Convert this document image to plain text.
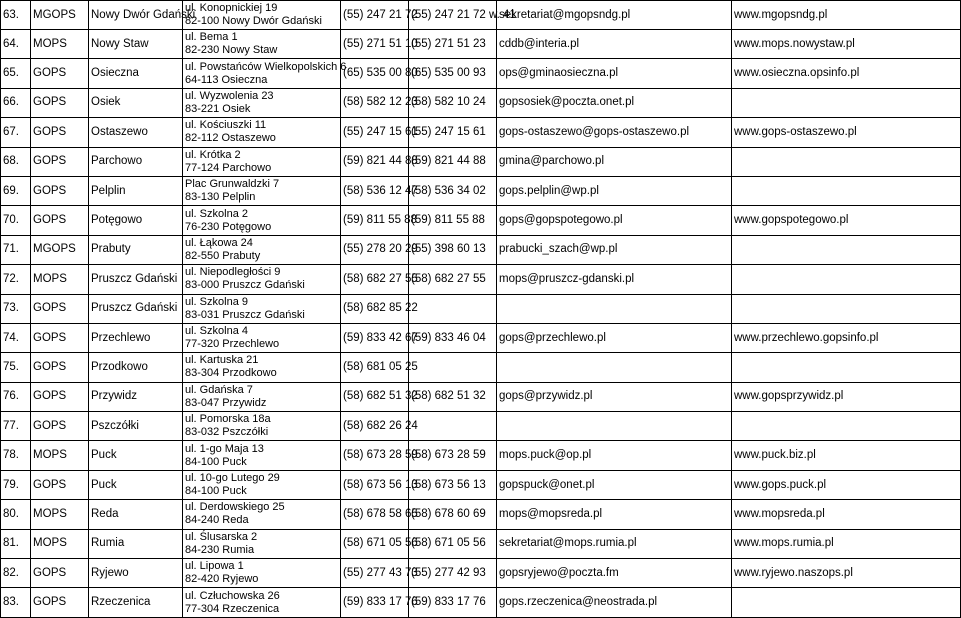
63.	MGOPS	Nowy Dwór Gdański	ul. Konopnickiej 19
82-100 Nowy Dwór Gdański	(55) 247 21 72	(55) 247 21 72 w. 41	sekretariat@mgopsndg.pl	www.mgopsndg.pl
64.	MOPS	Nowy Staw	ul. Bema 1
82-230 Nowy Staw	(55) 271 51 10	(55) 271 51 23	cddb@interia.pl	www.mops.nowystaw.pl
65.	GOPS	Osieczna	ul. Powstańców Wielkopolskich 6
64-113 Osieczna	(65) 535 00 80	(65) 535 00 93	ops@gminaosieczna.pl	www.osieczna.opsinfo.pl
66.	GOPS	Osiek	ul. Wyzwolenia 23
83-221 Osiek	(58) 582 12 23	(58) 582 10 24	gopsosiek@poczta.onet.pl	
67.	GOPS	Ostaszewo	ul. Kościuszki 11
82-112 Ostaszewo	(55) 247 15 61	(55) 247 15 61	gops-ostaszewo@gops-ostaszewo.pl	www.gops-ostaszewo.pl
68.	GOPS	Parchowo	ul. Krótka 2
77-124 Parchowo	(59) 821 44 88	(59) 821 44 88	gmina@parchowo.pl	
69.	GOPS	Pelplin	Plac Grunwaldzki 7
83-130 Pelplin	(58) 536 12 47	(58) 536 34 02	gops.pelplin@wp.pl	
70.	GOPS	Potęgowo	ul. Szkolna 2
76-230 Potęgowo	(59) 811 55 88	(59) 811 55 88	gops@gopspotegowo.pl	www.gopspotegowo.pl
71.	MGOPS	Prabuty	ul. Łąkowa 24
82-550 Prabuty	(55) 278 20 29	(55) 398 60 13	prabucki_szach@wp.pl	
72.	MOPS	Pruszcz Gdański	ul. Niepodległości 9
83-000 Pruszcz Gdański	(58) 682 27 55	(58) 682 27 55	mops@pruszcz-gdanski.pl	
73.	GOPS	Pruszcz Gdański	ul. Szkolna 9
83-031 Pruszcz Gdański	(58) 682 85 22			
74.	GOPS	Przechlewo	ul. Szkolna 4
77-320 Przechlewo	(59) 833 42 67	(59) 833 46 04	gops@przechlewo.pl	www.przechlewo.gopsinfo.pl
75.	GOPS	Przodkowo	ul. Kartuska 21
83-304 Przodkowo	(58) 681 05 25			
76.	GOPS	Przywidz	ul. Gdańska 7
83-047 Przywidz	(58) 682 51 32	(58) 682 51 32	gops@przywidz.pl	www.gopsprzywidz.pl
77.	GOPS	Pszczółki	ul. Pomorska 18a
83-032 Pszczółki	(58) 682 26 24			
78.	MOPS	Puck	ul. 1-go Maja 13
84-100 Puck	(58) 673 28 59	(58) 673 28 59	mops.puck@op.pl	www.puck.biz.pl
79.	GOPS	Puck	ul. 10-go Lutego 29
84-100 Puck	(58) 673 56 13	(58) 673 56 13	gopspuck@onet.pl	www.gops.puck.pl
80.	MOPS	Reda	ul. Derdowskiego 25
84-240 Reda	(58) 678 58 65	(58) 678 60 69	mops@mopsreda.pl	www.mopsreda.pl
81.	MOPS	Rumia	ul. Ślusarska 2
84-230 Rumia	(58) 671 05 56	(58) 671 05 56	sekretariat@mops.rumia.pl	www.mops.rumia.pl
82.	GOPS	Ryjewo	ul. Lipowa 1
82-420 Ryjewo	(55) 277 43 73	(55) 277 42 93	gopsryjewo@poczta.fm	www.ryjewo.naszops.pl
83.	GOPS	Rzeczenica	ul. Człuchowska 26
77-304 Rzeczenica	(59) 833 17 76	(59) 833 17 76	gops.rzeczenica@neostrada.pl	
